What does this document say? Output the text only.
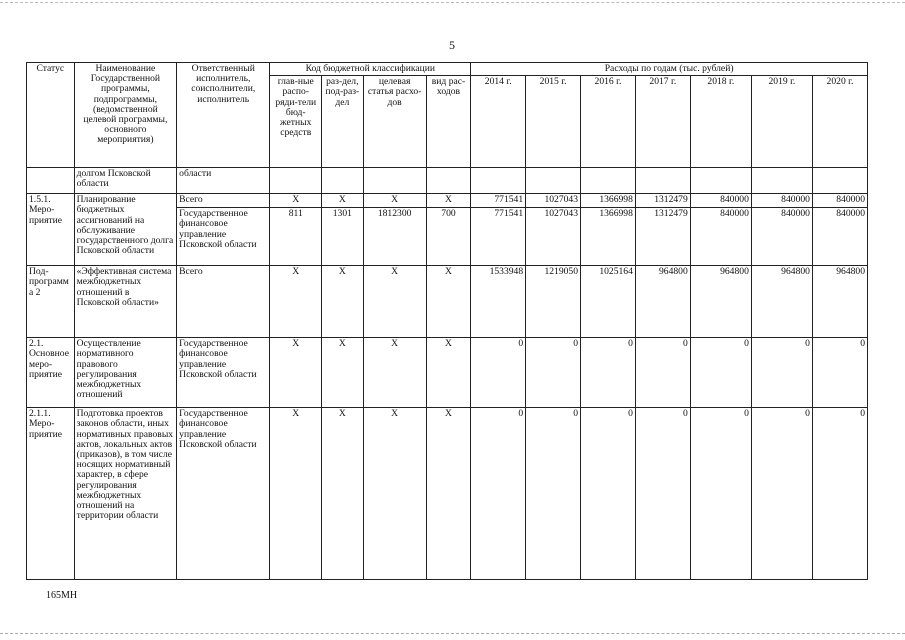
5
Статус	Наименование Государственной программы, подпрограммы, (ведомственной целевой программы, основного мероприятия)	Ответственный исполнитель, соисполнители, исполнитель	Код бюджетной классификации				Расходы по годам (тыс. рублей)						
			глав-ные распо-ряди-тели бюд-жетных средств	раз-дел, под-раз-дел	целевая статья расхо-дов	вид рас-ходов	2014 г.	2015 г.	2016 г.	2017 г.	2018 г.	2019 г.	2020 г.
	долгом Псковской области	области											
1.5.1. Меро-приятие	Планирование бюджетных ассигнований на обслуживание государственного долга Псковской области	Всего	X	X	X	X	771541	1027043	1366998	1312479	840000	840000	840000
		Государственное финансовое управление Псковской области	811	1301	1812300	700	771541	1027043	1366998	1312479	840000	840000	840000
Под-программа 2	«Эффективная система межбюджетных отношений в Псковской области»	Всего	X	X	X	X	1533948	1219050	1025164	964800	964800	964800	964800
2.1. Основное меро-приятие	Осуществление нормативного правового регулирования межбюджетных отношений	Государственное финансовое управление Псковской области	X	X	X	X	0	0	0	0	0	0	0
2.1.1. Меро-приятие	Подготовка проектов законов области, иных нормативных правовых актов, локальных актов (приказов), в том числе носящих нормативный характер, в сфере регулирования межбюджетных отношений на территории области	Государственное финансовое управление Псковской области	X	X	X	X	0	0	0	0	0	0	0
165МН
